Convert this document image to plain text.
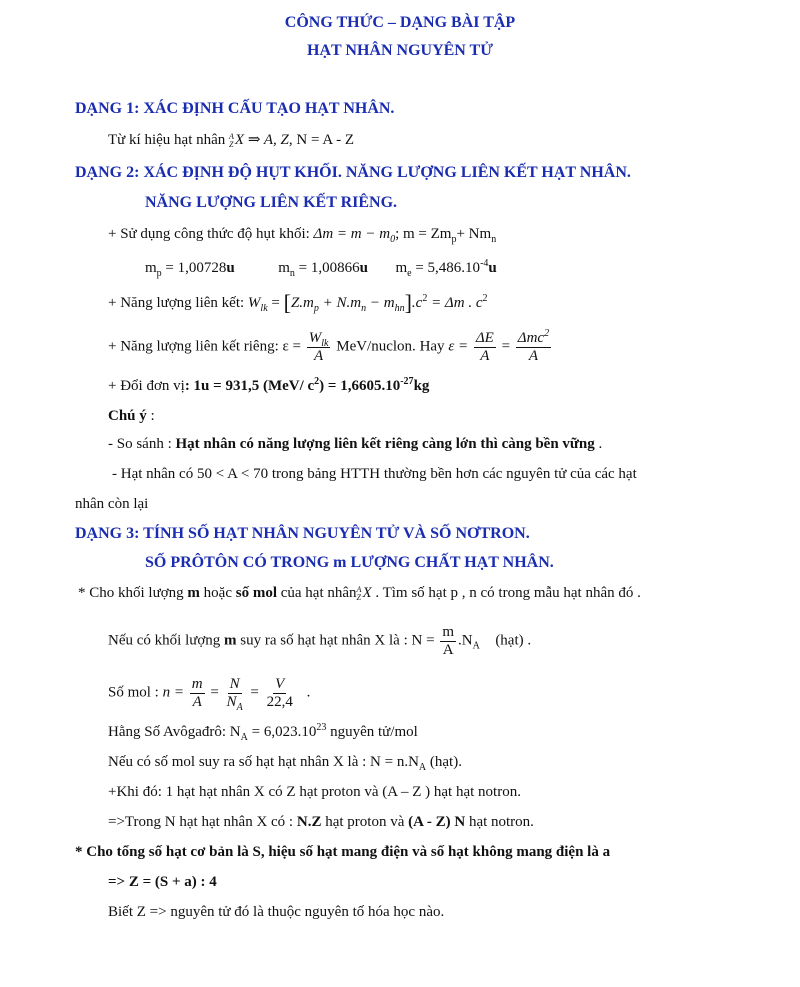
CÔNG THỨC – DẠNG BÀI TẬP
HẠT NHÂN NGUYÊN TỬ
DẠNG 1: XÁC ĐỊNH CẤU TẠO HẠT NHÂN.
Từ kí hiệu hạt nhân A
Z X ⇒ A, Z, N = A - Z
DẠNG 2: XÁC ĐỊNH ĐỘ HỤT KHỐI. NĂNG LƯỢNG LIÊN KẾT HẠT NHÂN.
NĂNG LƯỢNG LIÊN KẾT RIÊNG.
+ Sử dụng công thức độ hụt khối: $\Delta m = m - m_0$; $m = Zm_p+ Nm_n$
$m_p = 1,00728u$	$m_n = 1,00866u$ $m_e = 5,486.10^{-4}u$
+ Năng lượng liên kết: $W_{lk} = [Z.m_p + N.m_n - m_{hn}].c^2 = \Delta m$ . $c^2$
+ Năng lượng liên kết riêng: $\varepsilon = \frac{W_{lk}}{A}$ MeV/nuclon. Hay $\varepsilon = \frac{\Delta E}{A} = \frac{\Delta mc^2}{A}$
+ Đổi đơn vị: 1u = 931,5 (MeV/ $c^2) = 1,6605.10^{-27}kg$
Chú ý :
- So sánh : Hạt nhân có năng lượng liên kết riêng càng lớn thì càng bền vững .
- Hạt nhân có 50 < A < 70 trong bảng HTTH thường bền hơn các nguyên tử của các hạt
nhân còn lại
DẠNG 3: TÍNH SỐ HẠT NHÂN NGUYÊN TỬ VÀ SỐ NƠTRON.
SỐ PRÔTÔN CÓ TRONG m LƯỢNG CHẤT HẠT NHÂN.
* Cho khối lượng m hoặc số mol của hạt nhân A
Z X . Tìm số hạt p , n có trong mẫu hạt nhân đó .
Nếu có khối lượng m suy ra số hạt hạt nhân X là : $N = \frac{m}{A} .N_A$ (hạt) .
Số mol : $n = \frac{m}{A} = \frac{N}{N_A} = \frac{V}{22,4}$ .
Hằng Số Avôgađrô: $N_A = 6,023.10^{23}$ nguyên tử/mol
Nếu có số mol suy ra số hạt hạt nhân X là : $N = n.N_A$ (hạt).
+Khi đó: 1 hạt hạt nhân X có Z hạt proton và (A – Z ) hạt hạt notron.
=>Trong N hạt hạt nhân X có : N.Z hạt proton và (A - Z) N hạt notron.
* Cho tổng số hạt cơ bản là S, hiệu số hạt mang điện và số hạt không mang điện là a
=> Z = (S + a) : 4
Biết Z => nguyên tử đó là thuộc nguyên tố hóa học nào.
